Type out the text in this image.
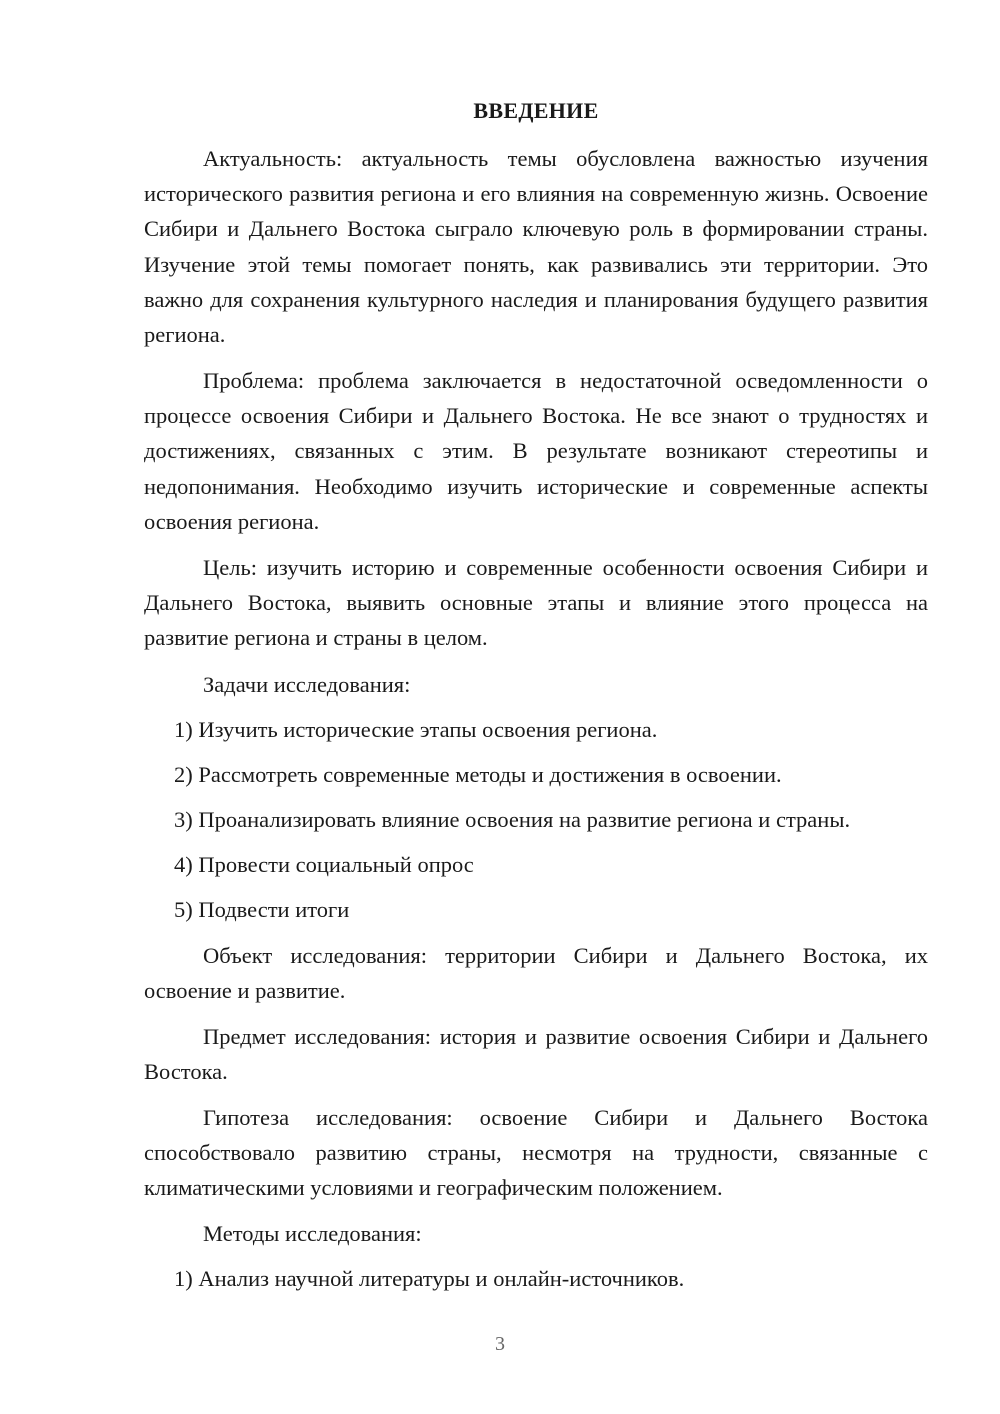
ВВЕДЕНИЕ

Актуальность: актуальность темы обусловлена важностью изучения исторического развития региона и его влияния на современную жизнь. Освоение Сибири и Дальнего Востока сыграло ключевую роль в формировании страны. Изучение этой темы помогает понять, как развивались эти территории. Это важно для сохранения культурного наследия и планирования будущего развития региона.

Проблема: проблема заключается в недостаточной осведомленности о процессе освоения Сибири и Дальнего Востока. Не все знают о трудностях и достижениях, связанных с этим. В результате возникают стереотипы и недопонимания. Необходимо изучить исторические и современные аспекты освоения региона.

Цель: изучить историю и современные особенности освоения Сибири и Дальнего Востока, выявить основные этапы и влияние этого процесса на развитие региона и страны в целом.

Задачи исследования:

1) Изучить исторические этапы освоения региона.

2) Рассмотреть современные методы и достижения в освоении.

3) Проанализировать влияние освоения на развитие региона и страны.

4) Провести социальный опрос

5) Подвести итоги

Объект исследования: территории Сибири и Дальнего Востока, их освоение и развитие.

Предмет исследования: история и развитие освоения Сибири и Дальнего Востока.

Гипотеза исследования: освоение Сибири и Дальнего Востока способствовало развитию страны, несмотря на трудности, связанные с климатическими условиями и географическим положением.

Методы исследования:

1) Анализ научной литературы и онлайн-источников.

3
